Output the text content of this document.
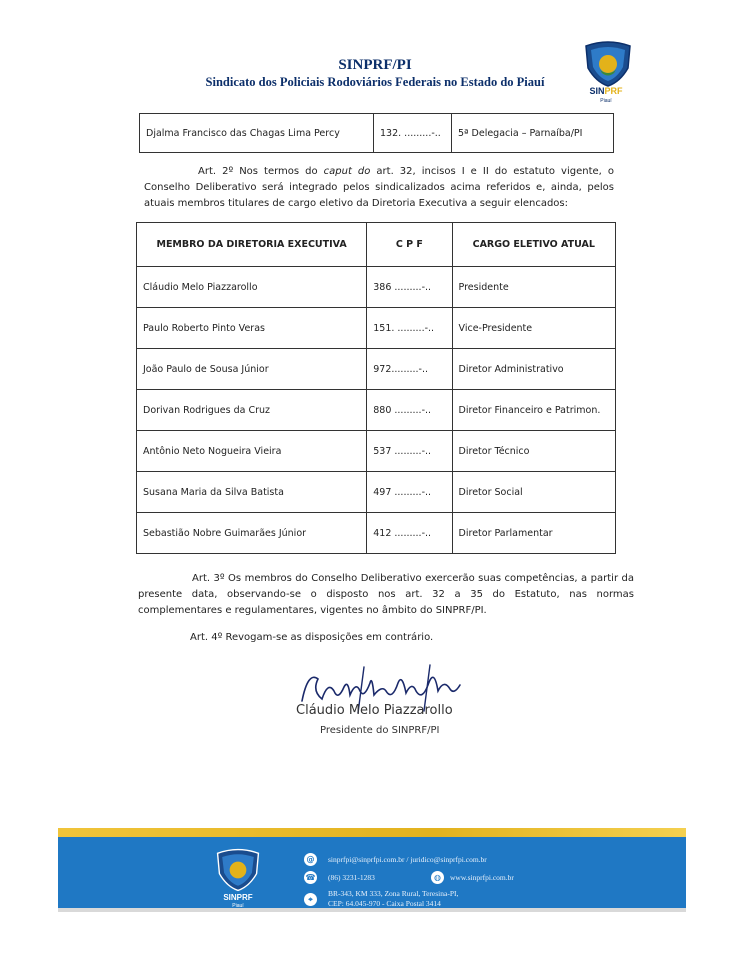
SINPRF/PI
Sindicato dos Policiais Rodoviários Federais no Estado do Piauí
SINPRF
Piauí
Djalma Francisco das Chagas Lima Percy	132. .........-..	5ª Delegacia – Parnaíba/PI
Art. 2º Nos termos do caput do art. 32, incisos I e II do estatuto vigente, o Conselho Deliberativo será integrado pelos sindicalizados acima referidos e, ainda, pelos atuais membros titulares de cargo eletivo da Diretoria Executiva a seguir elencados:
MEMBRO DA DIRETORIA EXECUTIVA	C P F	CARGO ELETIVO ATUAL
Cláudio Melo Piazzarollo	386 .........-..	Presidente
Paulo Roberto Pinto Veras	151. .........-..	Vice-Presidente
João Paulo de Sousa Júnior	972.........-..	Diretor Administrativo
Dorivan Rodrigues da Cruz	880 .........-..	Diretor Financeiro e Patrimon.
Antônio Neto Nogueira Vieira	537 .........-..	Diretor Técnico
Susana Maria da Silva Batista	497 .........-..	Diretor Social
Sebastião Nobre Guimarães Júnior	412 .........-..	Diretor Parlamentar
Art. 3º Os membros do Conselho Deliberativo exercerão suas competências, a partir da presente data, observando-se o disposto nos art. 32 a 35 do Estatuto, nas normas complementares e regulamentares, vigentes no âmbito do SINPRF/PI.
Art. 4º Revogam-se as disposições em contrário.
Cláudio Melo Piazzarollo
Presidente do SINPRF/PI
SINPRF
Piauí
@	sinprfpi@sinprfpi.com.br / juridico@sinprfpi.com.br
☎ (86) 3231-1283	◍	www.sinprfpi.com.br
⌖
BR-343, KM 333, Zona Rural, Teresina-PI,
CEP: 64.045-970 - Caixa Postal 3414
